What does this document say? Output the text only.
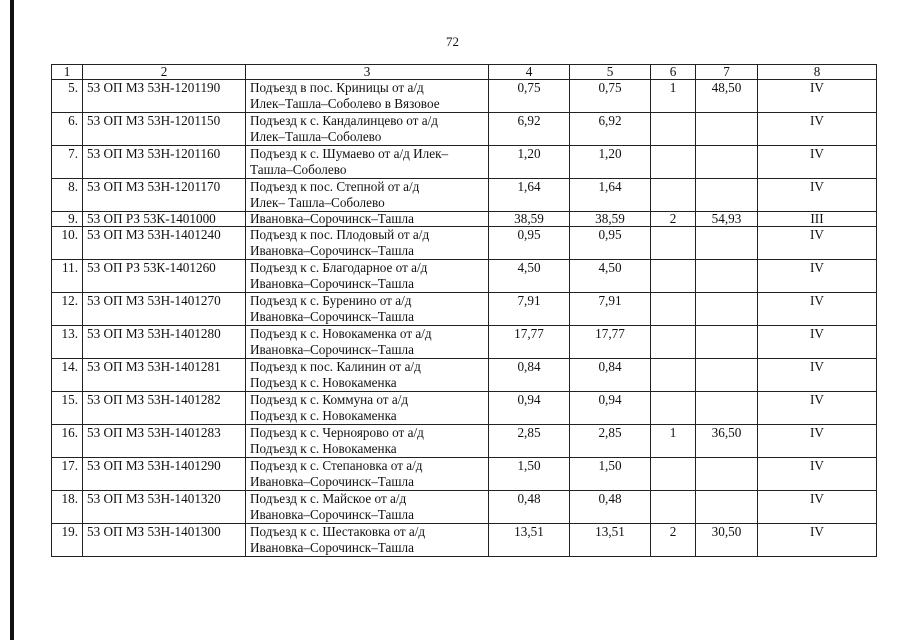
72
1	2	3	4	5	6	7	8
5.	53 ОП МЗ 53Н-1201190	Подъезд в пос. Криницы от а/д
Илек–Ташла–Соболево в Вязовое	0,75	0,75	1	48,50	IV
6.	53 ОП МЗ 53Н-1201150	Подъезд к с. Кандалинцево от а/д
Илек–Ташла–Соболево	6,92	6,92			IV
7.	53 ОП МЗ 53Н-1201160	Подъезд к с. Шумаево от а/д Илек–
Ташла–Соболево	1,20	1,20			IV
8.	53 ОП МЗ 53Н-1201170	Подъезд к пос. Степной от а/д
Илек– Ташла–Соболево	1,64	1,64			IV
9.	53 ОП РЗ 53К-1401000	Ивановка–Сорочинск–Ташла	38,59	38,59	2	54,93	III
10.	53 ОП МЗ 53Н-1401240	Подъезд к пос. Плодовый от а/д
Ивановка–Сорочинск–Ташла	0,95	0,95			IV
11.	53 ОП РЗ 53К-1401260	Подъезд к с. Благодарное от а/д
Ивановка–Сорочинск–Ташла	4,50	4,50			IV
12.	53 ОП МЗ 53Н-1401270	Подъезд к с. Буренино от а/д
Ивановка–Сорочинск–Ташла	7,91	7,91			IV
13.	53 ОП МЗ 53Н-1401280	Подъезд к с. Новокаменка от а/д
Ивановка–Сорочинск–Ташла	17,77	17,77			IV
14.	53 ОП МЗ 53Н-1401281	Подъезд к пос. Калинин от а/д
Подъезд к с. Новокаменка	0,84	0,84			IV
15.	53 ОП МЗ 53Н-1401282	Подъезд к с. Коммуна от а/д
Подъезд к с. Новокаменка	0,94	0,94			IV
16.	53 ОП МЗ 53Н-1401283	Подъезд к с. Черноярово от а/д
Подъезд к с. Новокаменка	2,85	2,85	1	36,50	IV
17.	53 ОП МЗ 53Н-1401290	Подъезд к с. Степановка от а/д
Ивановка–Сорочинск–Ташла	1,50	1,50			IV
18.	53 ОП МЗ 53Н-1401320	Подъезд к с. Майское от а/д
Ивановка–Сорочинск–Ташла	0,48	0,48			IV
19.	53 ОП МЗ 53Н-1401300	Подъезд к с. Шестаковка от а/д
Ивановка–Сорочинск–Ташла	13,51	13,51	2	30,50	IV
